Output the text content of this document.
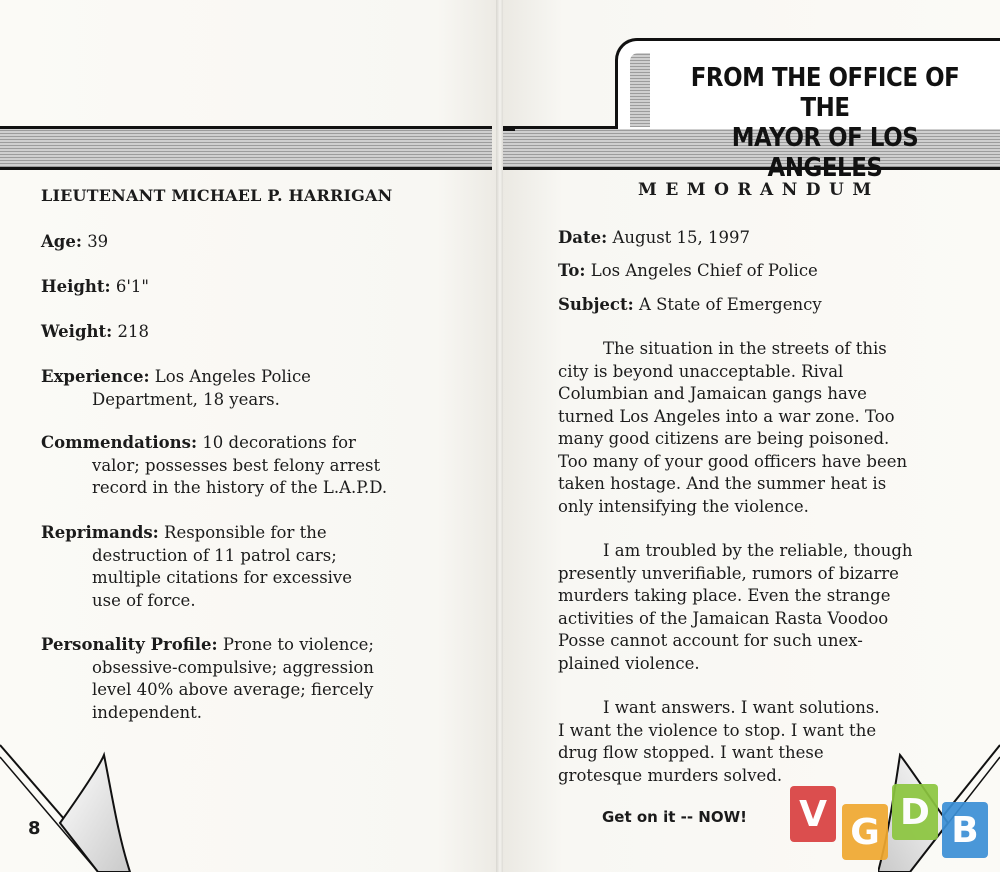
LIEUTENANT MICHAEL P. HARRIGAN
Age: 39
Height: 6'1"
Weight: 218
Experience: Los Angeles Police
Department, 18 years.
Commendations: 10 decorations for
valor; possesses best felony arrest
record in the history of the L.A.P.D.
Reprimands: Responsible for the
destruction of 11 patrol cars;
multiple citations for excessive
use of force.
Personality Profile: Prone to violence;
obsessive-compulsive; aggression
level 40% above average; fiercely
independent.
8
FROM THE OFFICE OF THE
MAYOR OF LOS ANGELES
MEMORANDUM
Date: August 15, 1997
To: Los Angeles Chief of Police
Subject: A State of Emergency
The situation in the streets of this
city is beyond unacceptable. Rival
Columbian and Jamaican gangs have
turned Los Angeles into a war zone. Too
many good citizens are being poisoned.
Too many of your good officers have been
taken hostage. And the summer heat is
only intensifying the violence.
I am troubled by the reliable, though
presently unverifiable, rumors of bizarre
murders taking place. Even the strange
activities of the Jamaican Rasta Voodoo
Posse cannot account for such unex-
plained violence.
I want answers. I want solutions.
I want the violence to stop. I want the
drug flow stopped. I want these
grotesque murders solved.
Get on it -- NOW! V G D B
